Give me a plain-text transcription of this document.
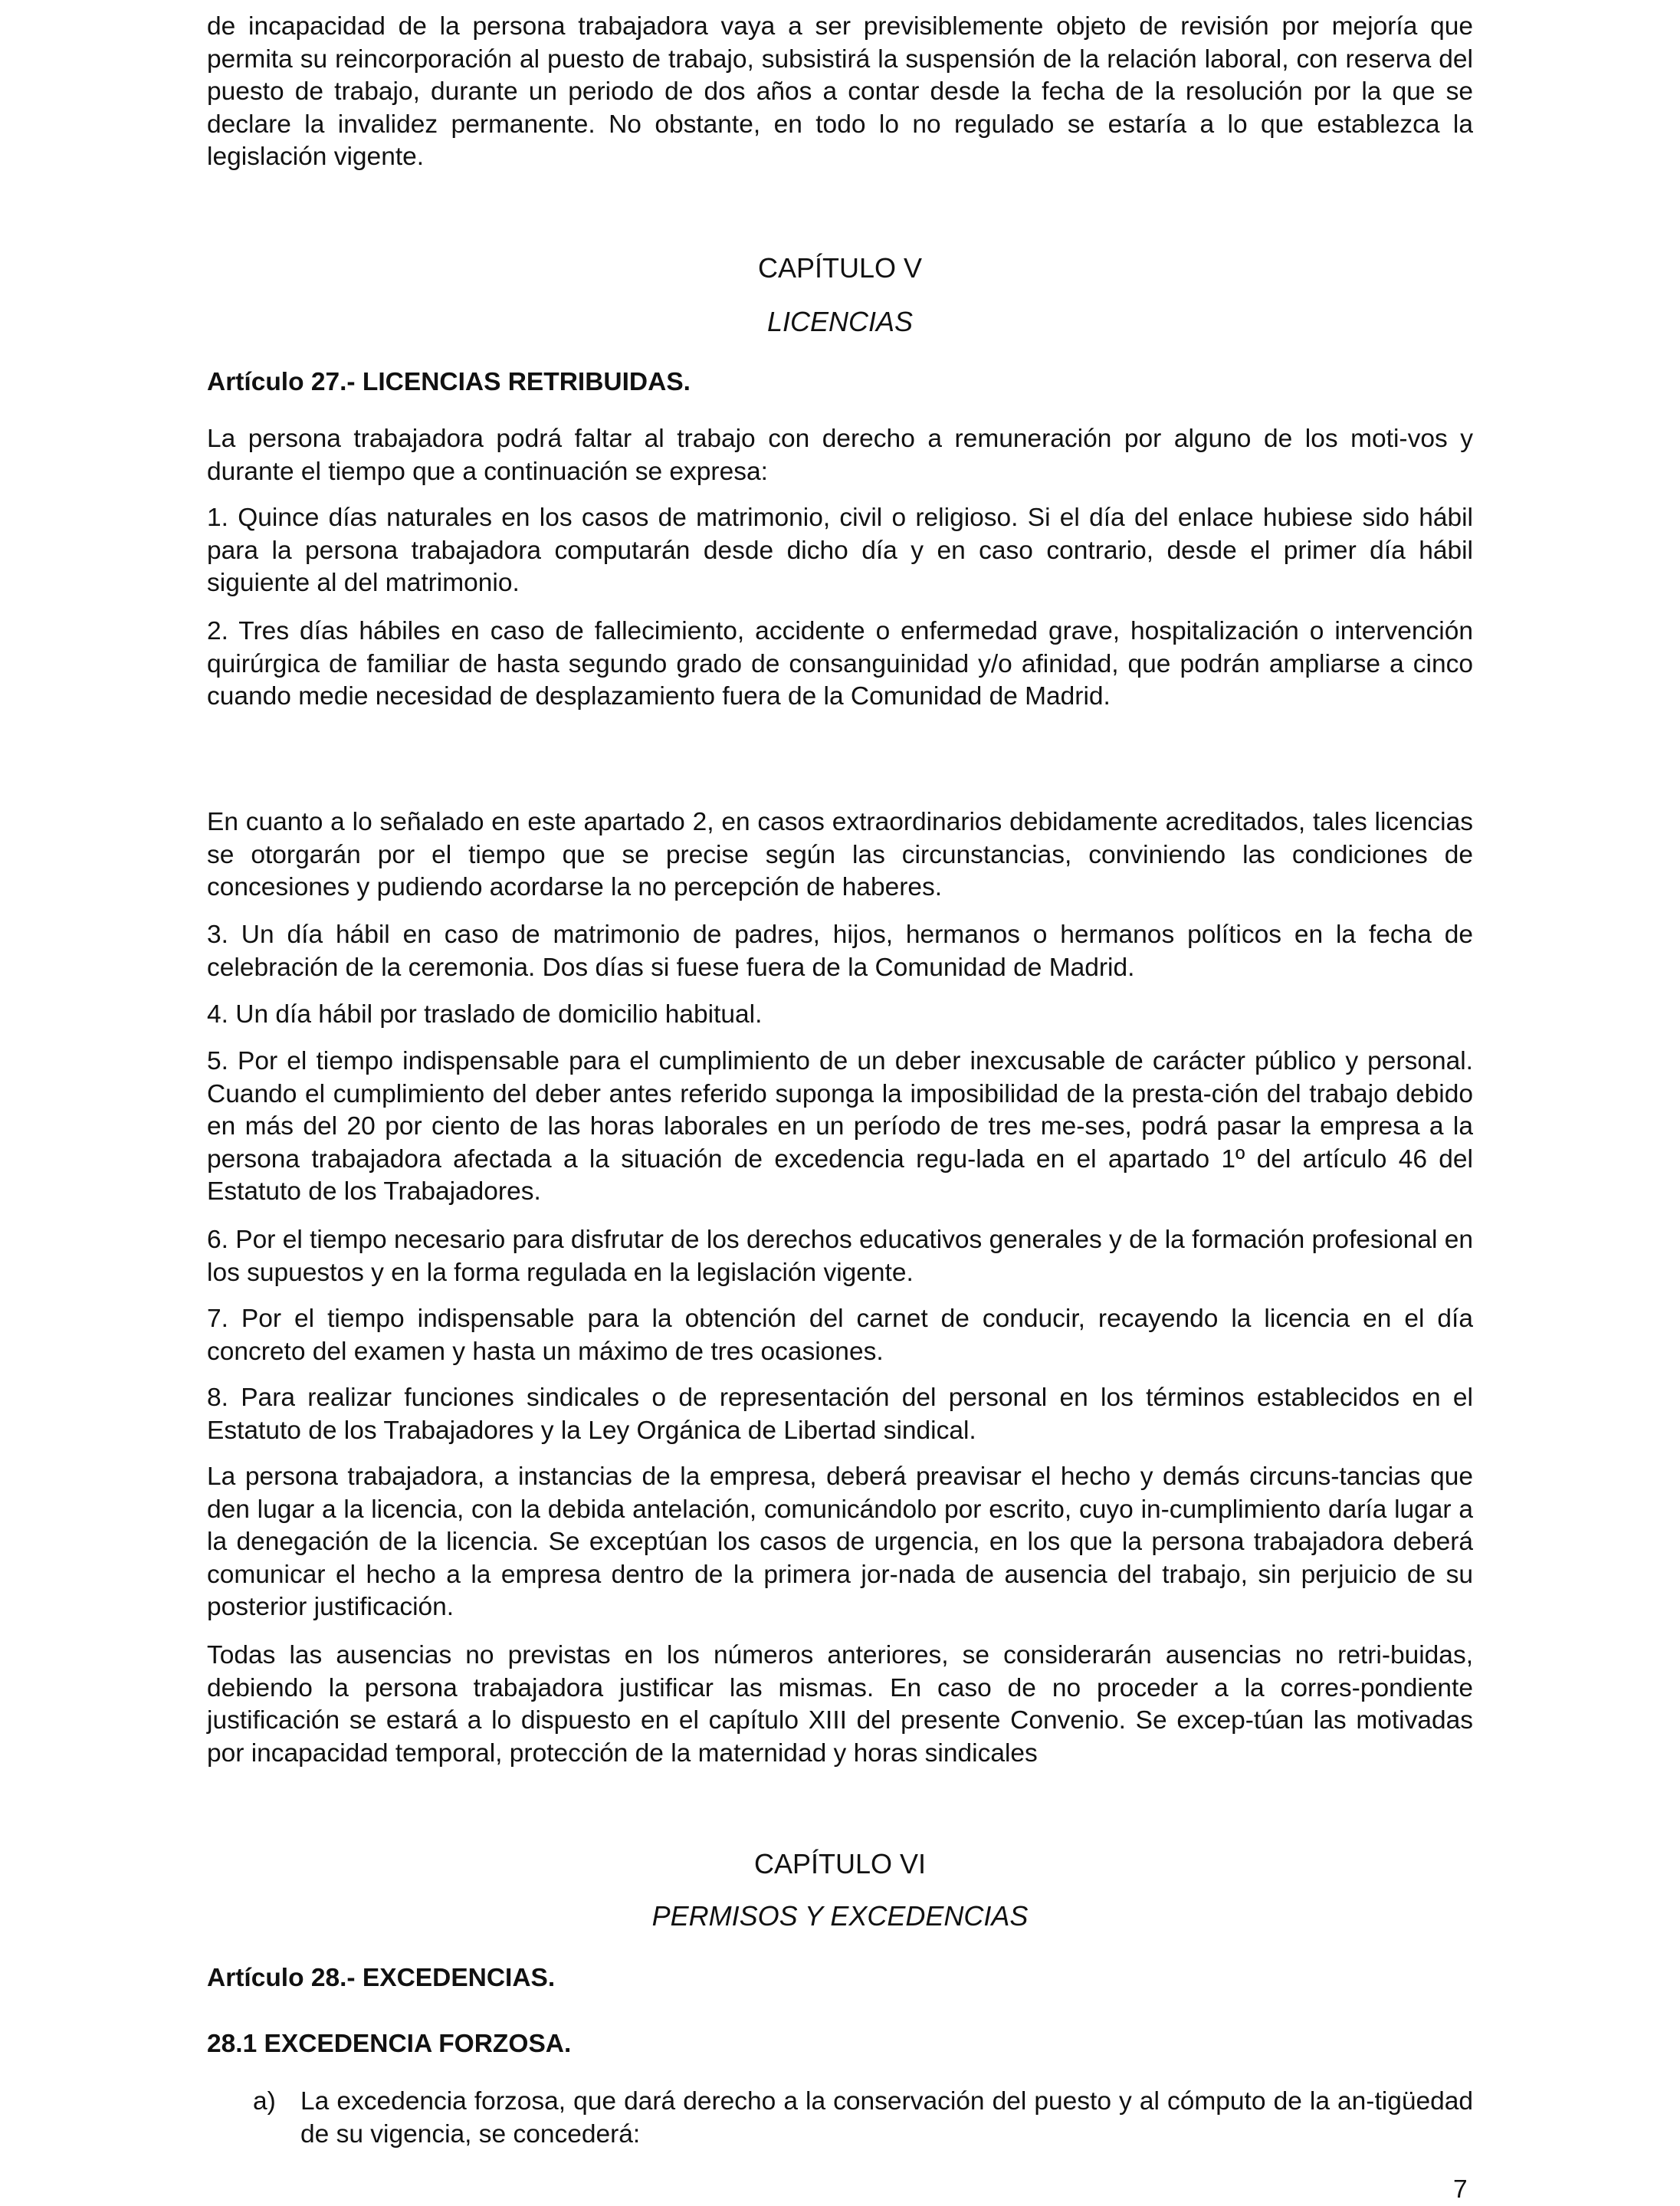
de incapacidad de la persona trabajadora vaya a ser previsiblemente objeto de revisión por mejoría que permita su reincorporación al puesto de trabajo, subsistirá la suspensión de la relación laboral, con reserva del puesto de trabajo, durante un periodo de dos años a contar desde la fecha de la resolución por la que se declare la invalidez permanente. No obstante, en todo lo no regulado se estaría a lo que establezca la legislación vigente.

CAPÍTULO V

LICENCIAS

Artículo 27.- LICENCIAS RETRIBUIDAS.

La persona trabajadora podrá faltar al trabajo con derecho a remuneración por alguno de los moti-vos y durante el tiempo que a continuación se expresa:

1. Quince días naturales en los casos de matrimonio, civil o religioso. Si el día del enlace hubiese sido hábil para la persona trabajadora computarán desde dicho día y en caso contrario, desde el primer día hábil siguiente al del matrimonio.

2. Tres días hábiles en caso de fallecimiento, accidente o enfermedad grave, hospitalización o intervención quirúrgica de familiar de hasta segundo grado de consanguinidad y/o afinidad, que podrán ampliarse a cinco cuando medie necesidad de desplazamiento fuera de la Comunidad de Madrid.

En cuanto a lo señalado en este apartado 2, en casos extraordinarios debidamente acreditados, tales licencias se otorgarán por el tiempo que se precise según las circunstancias, conviniendo las condiciones de concesiones y pudiendo acordarse la no percepción de haberes.

3. Un día hábil en caso de matrimonio de padres, hijos, hermanos o hermanos políticos en la fecha de celebración de la ceremonia. Dos días si fuese fuera de la Comunidad de Madrid.

4. Un día hábil por traslado de domicilio habitual.

5. Por el tiempo indispensable para el cumplimiento de un deber inexcusable de carácter público y personal. Cuando el cumplimiento del deber antes referido suponga la imposibilidad de la presta-ción del trabajo debido en más del 20 por ciento de las horas laborales en un período de tres me-ses, podrá pasar la empresa a la persona trabajadora afectada a la situación de excedencia regu-lada en el apartado 1º del artículo 46 del Estatuto de los Trabajadores.

6. Por el tiempo necesario para disfrutar de los derechos educativos generales y de la formación profesional en los supuestos y en la forma regulada en la legislación vigente.

7. Por el tiempo indispensable para la obtención del carnet de conducir, recayendo la licencia en el día concreto del examen y hasta un máximo de tres ocasiones.

8. Para realizar funciones sindicales o de representación del personal en los términos establecidos en el Estatuto de los Trabajadores y la Ley Orgánica de Libertad sindical.

La persona trabajadora, a instancias de la empresa, deberá preavisar el hecho y demás circuns-tancias que den lugar a la licencia, con la debida antelación, comunicándolo por escrito, cuyo in-cumplimiento daría lugar a la denegación de la licencia. Se exceptúan los casos de urgencia, en los que la persona trabajadora deberá comunicar el hecho a la empresa dentro de la primera jor-nada de ausencia del trabajo, sin perjuicio de su posterior justificación.

Todas las ausencias no previstas en los números anteriores, se considerarán ausencias no retri-buidas, debiendo la persona trabajadora justificar las mismas. En caso de no proceder a la corres-pondiente justificación se estará a lo dispuesto en el capítulo XIII del presente Convenio. Se excep-túan las motivadas por incapacidad temporal, protección de la maternidad y horas sindicales

CAPÍTULO VI

PERMISOS Y EXCEDENCIAS

Artículo 28.- EXCEDENCIAS.

28.1 EXCEDENCIA FORZOSA.

a) La excedencia forzosa, que dará derecho a la conservación del puesto y al cómputo de la an-tigüedad de su vigencia, se concederá:

7
